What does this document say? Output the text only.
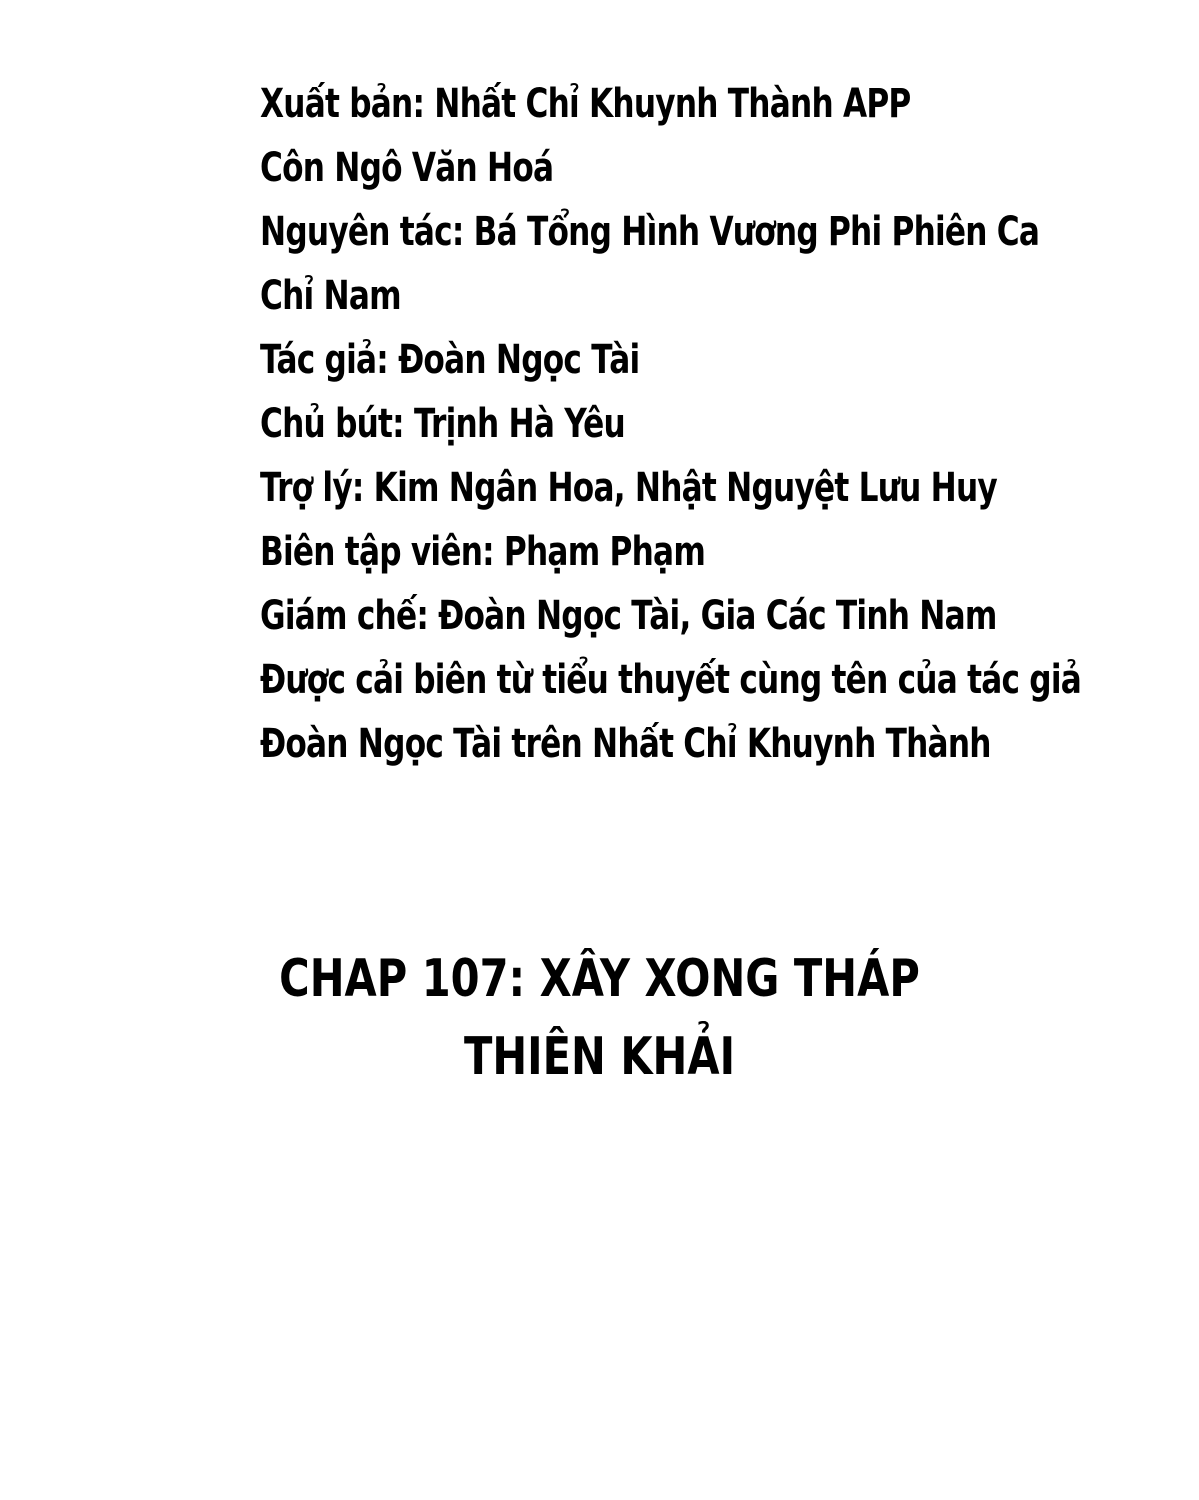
Xuất bản: Nhất Chỉ Khuynh Thành APP
Côn Ngô Văn Hoá
Nguyên tác: Bá Tổng Hình Vương Phi Phiên Ca
Chỉ Nam
Tác giả: Đoàn Ngọc Tài
Chủ bút: Trịnh Hà Yêu
Trợ lý: Kim Ngân Hoa, Nhật Nguyệt Lưu Huy
Biên tập viên: Phạm Phạm
Giám chế: Đoàn Ngọc Tài, Gia Các Tinh Nam
Được cải biên từ tiểu thuyết cùng tên của tác giả
Đoàn Ngọc Tài trên Nhất Chỉ Khuynh Thành
CHAP 107: XÂY XONG THÁP
THIÊN KHẢI
